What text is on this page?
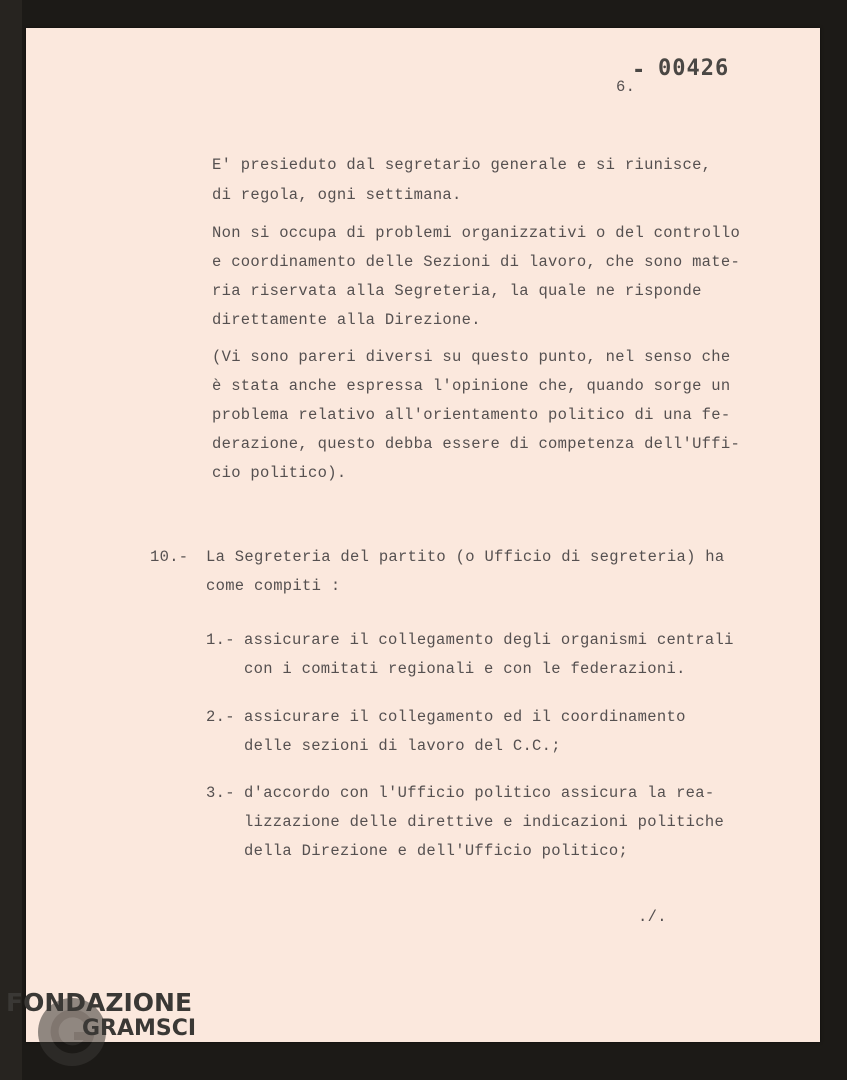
6.
- 00426
E' presieduto dal segretario generale e si riunisce,
di regola, ogni settimana.
Non si occupa di problemi organizzativi o del controllo
e coordinamento delle Sezioni di lavoro, che sono mate-
ria riservata alla Segreteria, la quale ne risponde
direttamente alla Direzione.
(Vi sono pareri diversi su questo punto, nel senso che
è stata anche espressa l'opinione che, quando sorge un
problema relativo all'orientamento politico di una fe-
derazione, questo debba essere di competenza dell'Uffi-
cio politico).
10.- La Segreteria del partito (o Ufficio di segreteria) ha
come compiti :
1.- assicurare il collegamento degli organismi centrali
con i comitati regionali e con le federazioni.
2.- assicurare il collegamento ed il coordinamento
delle sezioni di lavoro del C.C.;
3.- d'accordo con l'Ufficio politico assicura la rea-
lizzazione delle direttive e indicazioni politiche
della Direzione e dell'Ufficio politico;
./.
FONDAZIONE
GRAMSCI
